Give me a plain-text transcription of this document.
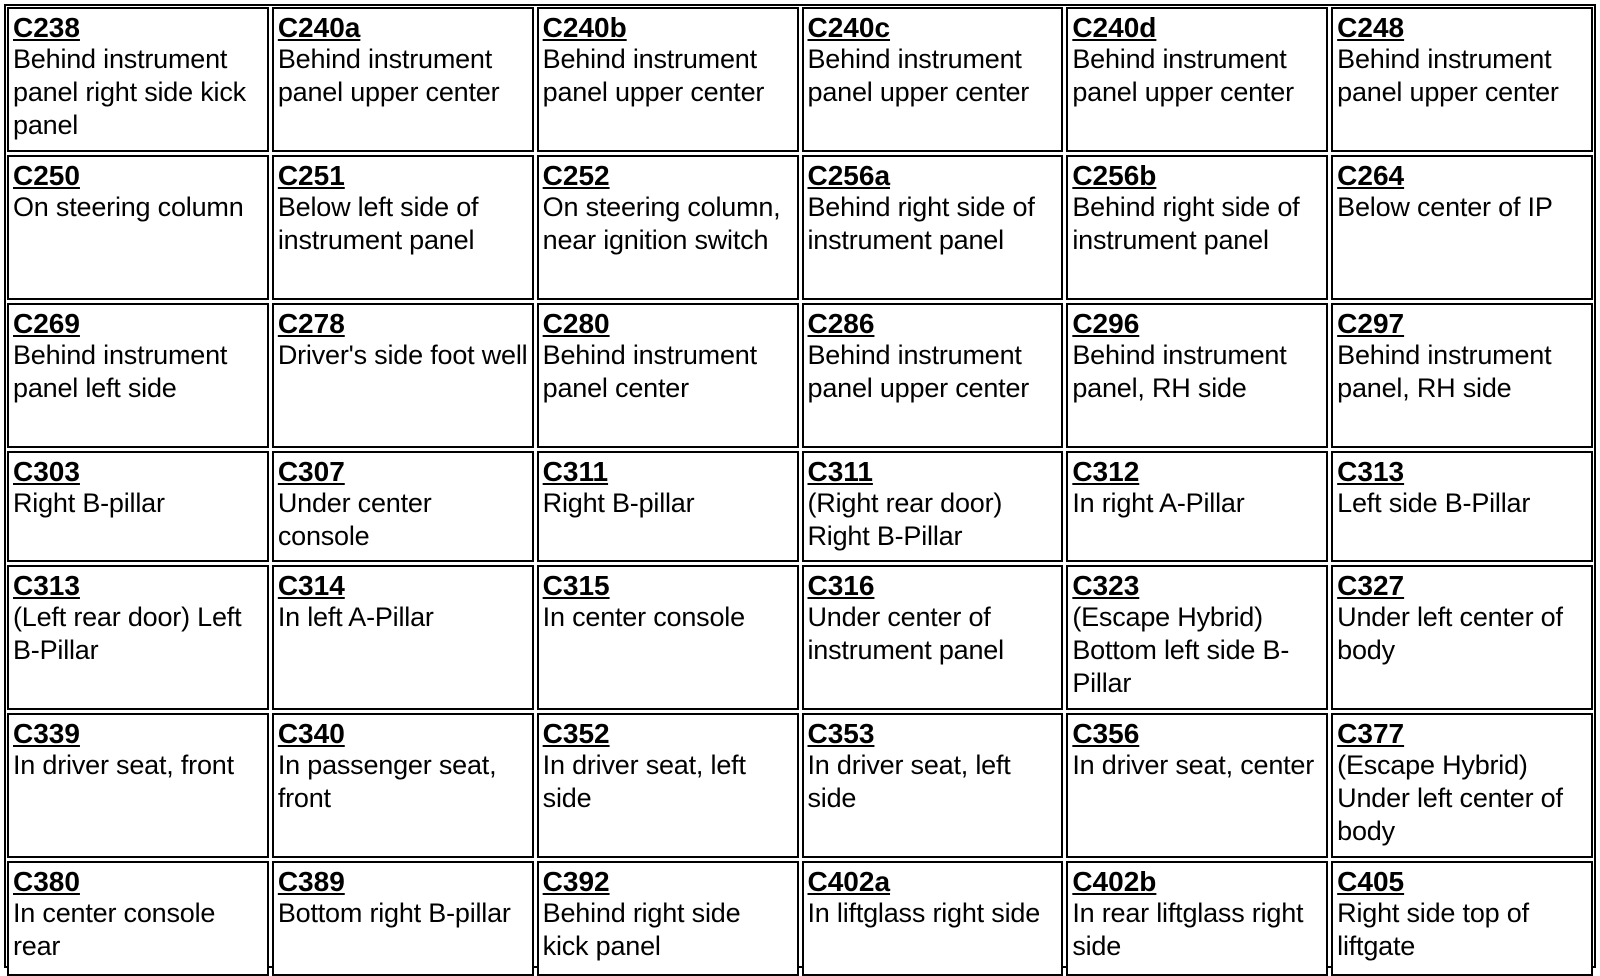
C238
Behind instrument panel right side kick panel
C240a
Behind instrument panel upper center
C240b
Behind instrument panel upper center
C240c
Behind instrument panel upper center
C240d
Behind instrument panel upper center
C248
Behind instrument panel upper center
C250
On steering column
C251
Below left side of instrument panel
C252
On steering column, near ignition switch
C256a
Behind right side of instrument panel
C256b
Behind right side of instrument panel
C264
Below center of IP
C269
Behind instrument panel left side
C278
Driver's side foot well
C280
Behind instrument panel center
C286
Behind instrument panel upper center
C296
Behind instrument panel, RH side
C297
Behind instrument panel, RH side
C303
Right B-pillar
C307
Under center console
C311
Right B-pillar
C311
(Right rear door) Right B-Pillar
C312
In right A-Pillar
C313
Left side B-Pillar
C313
(Left rear door) Left B-Pillar
C314
In left A-Pillar
C315
In center console
C316
Under center of instrument panel
C323
(Escape Hybrid) Bottom left side B-Pillar
C327
Under left center of body
C339
In driver seat, front
C340
In passenger seat, front
C352
In driver seat, left side
C353
In driver seat, left side
C356
In driver seat, center
C377
(Escape Hybrid) Under left center of body
C380
In center console rear
C389
Bottom right B-pillar
C392
Behind right side kick panel
C402a
In liftglass right side
C402b
In rear liftglass right side
C405
Right side top of liftgate
